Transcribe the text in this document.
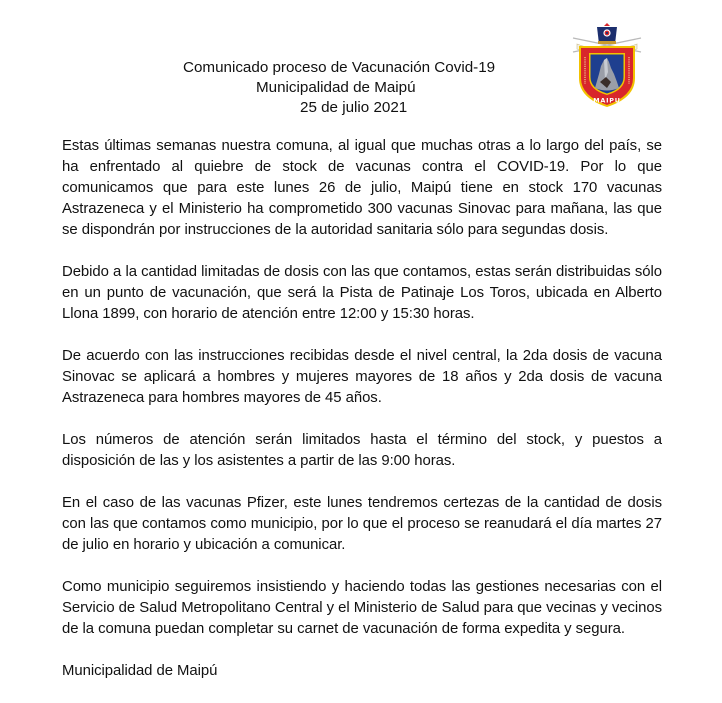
MAIPU
Comunicado proceso de Vacunación Covid-19
Municipalidad de Maipú
25 de julio 2021

Estas últimas semanas nuestra comuna, al igual que muchas otras a lo largo del país, se ha enfrentado al quiebre de stock de vacunas contra el COVID-19. Por lo que comunicamos que para este lunes 26 de julio, Maipú tiene en stock 170 vacunas Astrazeneca y el Ministerio ha comprometido 300 vacunas Sinovac para mañana, las que se dispondrán por instrucciones de la autoridad sanitaria sólo para segundas dosis.

Debido a la cantidad limitadas de dosis con las que contamos, estas serán distribuidas sólo en un punto de vacunación, que será la Pista de Patinaje Los Toros, ubicada en Alberto Llona 1899, con horario de atención entre 12:00 y 15:30 horas.

De acuerdo con las instrucciones recibidas desde el nivel central, la 2da dosis de vacuna Sinovac se aplicará a hombres y mujeres mayores de 18 años y 2da dosis de vacuna Astrazeneca para hombres mayores de 45 años.

Los números de atención serán limitados hasta el término del stock, y puestos a disposición de las y los asistentes a partir de las 9:00 horas.

En el caso de las vacunas Pfizer, este lunes tendremos certezas de la cantidad de dosis con las que contamos como municipio, por lo que el proceso se reanudará el día martes 27 de julio en horario y ubicación a comunicar.

Como municipio seguiremos insistiendo y haciendo todas las gestiones necesarias con el Servicio de Salud Metropolitano Central y el Ministerio de Salud para que vecinas y vecinos de la comuna puedan completar su carnet de vacunación de forma expedita y segura.

Municipalidad de Maipú
